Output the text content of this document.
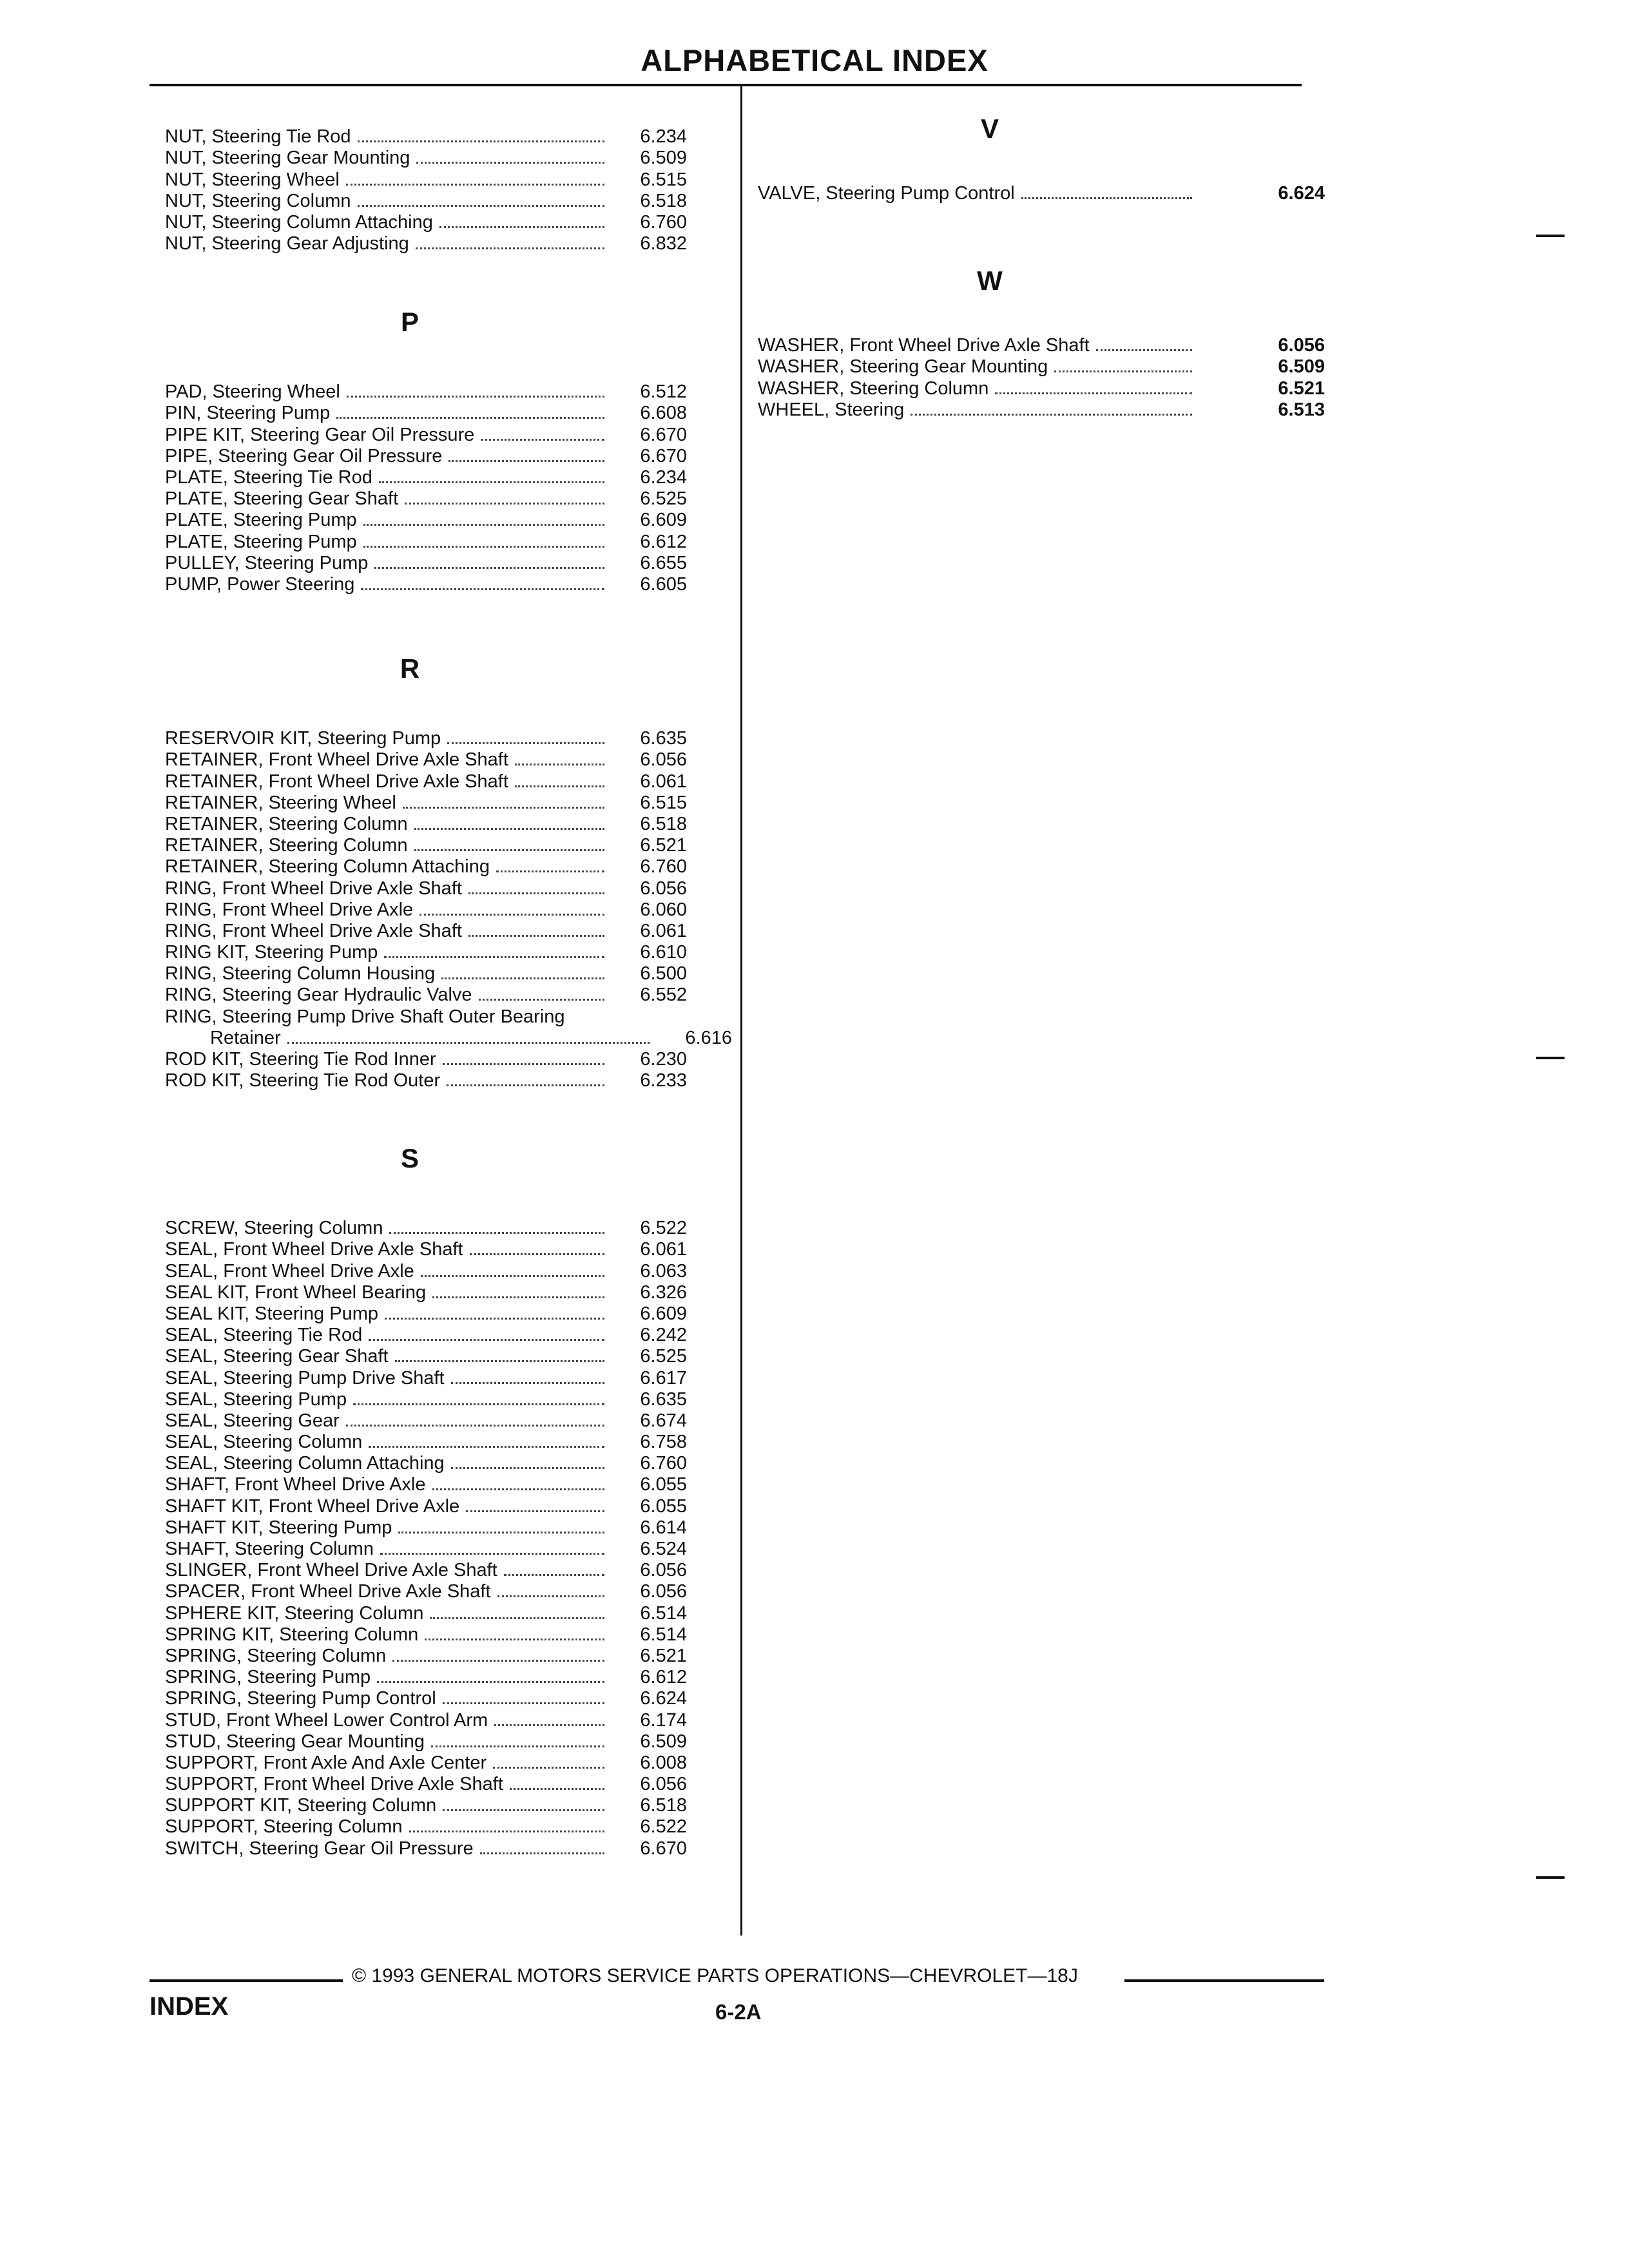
ALPHABETICAL INDEX
NUT, Steering Tie Rod	6.234
NUT, Steering Gear Mounting	6.509
NUT, Steering Wheel	6.515
NUT, Steering Column	6.518
NUT, Steering Column Attaching	6.760
NUT, Steering Gear Adjusting	6.832
P
PAD, Steering Wheel	6.512
PIN, Steering Pump	6.608
PIPE KIT, Steering Gear Oil Pressure	6.670
PIPE, Steering Gear Oil Pressure	6.670
PLATE, Steering Tie Rod	6.234
PLATE, Steering Gear Shaft	6.525
PLATE, Steering Pump	6.609
PLATE, Steering Pump	6.612
PULLEY, Steering Pump	6.655
PUMP, Power Steering	6.605
R
RESERVOIR KIT, Steering Pump	6.635
RETAINER, Front Wheel Drive Axle Shaft	6.056
RETAINER, Front Wheel Drive Axle Shaft	6.061
RETAINER, Steering Wheel	6.515
RETAINER, Steering Column	6.518
RETAINER, Steering Column	6.521
RETAINER, Steering Column Attaching	6.760
RING, Front Wheel Drive Axle Shaft	6.056
RING, Front Wheel Drive Axle	6.060
RING, Front Wheel Drive Axle Shaft	6.061
RING KIT, Steering Pump	6.610
RING, Steering Column Housing	6.500
RING, Steering Gear Hydraulic Valve	6.552
RING, Steering Pump Drive Shaft Outer Bearing
Retainer	6.616
ROD KIT, Steering Tie Rod Inner	6.230
ROD KIT, Steering Tie Rod Outer	6.233
S
SCREW, Steering Column	6.522
SEAL, Front Wheel Drive Axle Shaft	6.061
SEAL, Front Wheel Drive Axle	6.063
SEAL KIT, Front Wheel Bearing	6.326
SEAL KIT, Steering Pump	6.609
SEAL, Steering Tie Rod	6.242
SEAL, Steering Gear Shaft	6.525
SEAL, Steering Pump Drive Shaft	6.617
SEAL, Steering Pump	6.635
SEAL, Steering Gear	6.674
SEAL, Steering Column	6.758
SEAL, Steering Column Attaching	6.760
SHAFT, Front Wheel Drive Axle	6.055
SHAFT KIT, Front Wheel Drive Axle	6.055
SHAFT KIT, Steering Pump	6.614
SHAFT, Steering Column	6.524
SLINGER, Front Wheel Drive Axle Shaft	6.056
SPACER, Front Wheel Drive Axle Shaft	6.056
SPHERE KIT, Steering Column	6.514
SPRING KIT, Steering Column	6.514
SPRING, Steering Column	6.521
SPRING, Steering Pump	6.612
SPRING, Steering Pump Control	6.624
STUD, Front Wheel Lower Control Arm	6.174
STUD, Steering Gear Mounting	6.509
SUPPORT, Front Axle And Axle Center	6.008
SUPPORT, Front Wheel Drive Axle Shaft	6.056
SUPPORT KIT, Steering Column	6.518
SUPPORT, Steering Column	6.522
SWITCH, Steering Gear Oil Pressure	6.670
V
VALVE, Steering Pump Control	6.624
W
WASHER, Front Wheel Drive Axle Shaft	6.056
WASHER, Steering Gear Mounting	6.509
WASHER, Steering Column	6.521
WHEEL, Steering	6.513
© 1993 GENERAL MOTORS SERVICE PARTS OPERATIONS—CHEVROLET—18J
INDEX	6-2A
